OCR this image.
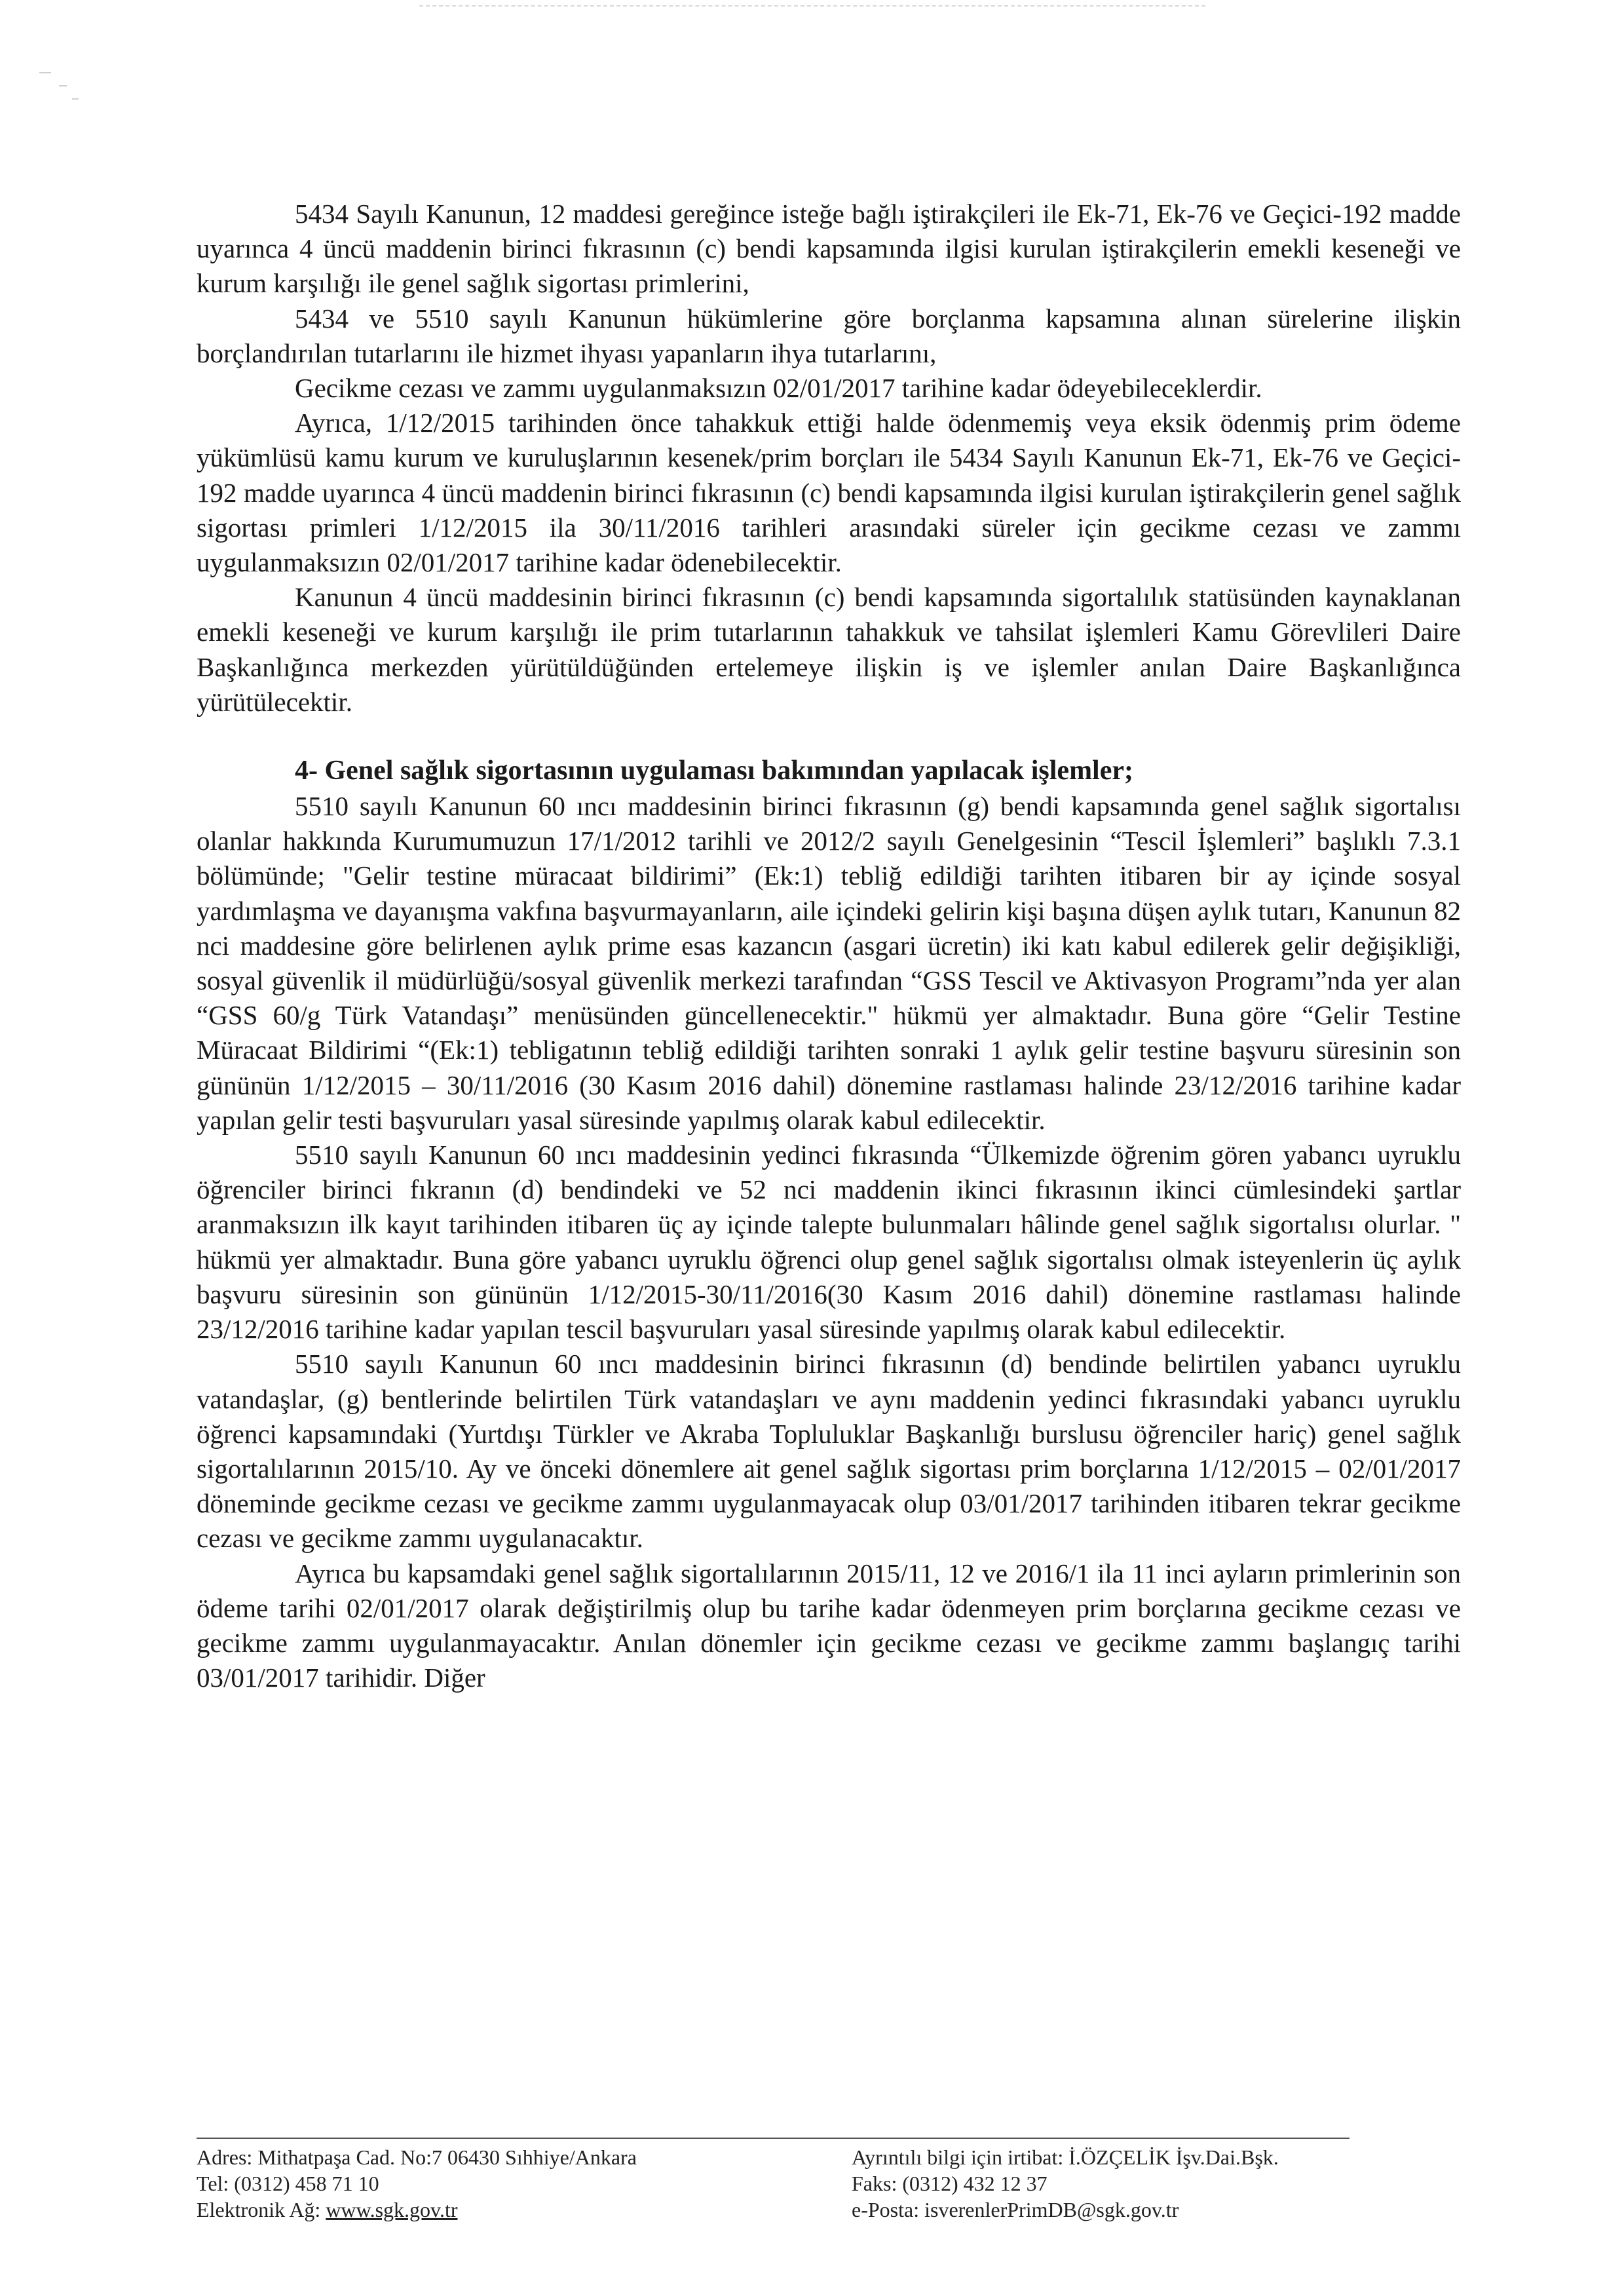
5434 Sayılı Kanunun, 12 maddesi gereğince isteğe bağlı iştirakçileri ile Ek-71, Ek-76 ve Geçici-192 madde uyarınca 4 üncü maddenin birinci fıkrasının (c) bendi kapsamında ilgisi kurulan iştirakçilerin emekli keseneği ve kurum karşılığı ile genel sağlık sigortası primlerini,

5434 ve 5510 sayılı Kanunun hükümlerine göre borçlanma kapsamına alınan sürelerine ilişkin borçlandırılan tutarlarını ile hizmet ihyası yapanların ihya tutarlarını,

Gecikme cezası ve zammı uygulanmaksızın 02/01/2017 tarihine kadar ödeyebileceklerdir.

Ayrıca, 1/12/2015 tarihinden önce tahakkuk ettiği halde ödenmemiş veya eksik ödenmiş prim ödeme yükümlüsü kamu kurum ve kuruluşlarının kesenek/prim borçları ile 5434 Sayılı Kanunun Ek-71, Ek-76 ve Geçici-192 madde uyarınca 4 üncü maddenin birinci fıkrasının (c) bendi kapsamında ilgisi kurulan iştirakçilerin genel sağlık sigortası primleri 1/12/2015 ila 30/11/2016 tarihleri arasındaki süreler için gecikme cezası ve zammı uygulanmaksızın 02/01/2017 tarihine kadar ödenebilecektir.

Kanunun 4 üncü maddesinin birinci fıkrasının (c) bendi kapsamında sigortalılık statüsünden kaynaklanan emekli keseneği ve kurum karşılığı ile prim tutarlarının tahakkuk ve tahsilat işlemleri Kamu Görevlileri Daire Başkanlığınca merkezden yürütüldüğünden ertelemeye ilişkin iş ve işlemler anılan Daire Başkanlığınca yürütülecektir.

4- Genel sağlık sigortasının uygulaması bakımından yapılacak işlemler;

5510 sayılı Kanunun 60 ıncı maddesinin birinci fıkrasının (g) bendi kapsamında genel sağlık sigortalısı olanlar hakkında Kurumumuzun 17/1/2012 tarihli ve 2012/2 sayılı Genelgesinin “Tescil İşlemleri” başlıklı 7.3.1 bölümünde; "Gelir testine müracaat bildirimi” (Ek:1) tebliğ edildiği tarihten itibaren bir ay içinde sosyal yardımlaşma ve dayanışma vakfına başvurmayanların, aile içindeki gelirin kişi başına düşen aylık tutarı, Kanunun 82 nci maddesine göre belirlenen aylık prime esas kazancın (asgari ücretin) iki katı kabul edilerek gelir değişikliği, sosyal güvenlik il müdürlüğü/sosyal güvenlik merkezi tarafından “GSS Tescil ve Aktivasyon Programı”nda yer alan “GSS 60/g Türk Vatandaşı” menüsünden güncellenecektir." hükmü yer almaktadır. Buna göre “Gelir Testine Müracaat Bildirimi “(Ek:1) tebligatının tebliğ edildiği tarihten sonraki 1 aylık gelir testine başvuru süresinin son gününün 1/12/2015 – 30/11/2016 (30 Kasım 2016 dahil) dönemine rastlaması halinde 23/12/2016 tarihine kadar yapılan gelir testi başvuruları yasal süresinde yapılmış olarak kabul edilecektir.

5510 sayılı Kanunun 60 ıncı maddesinin yedinci fıkrasında “Ülkemizde öğrenim gören yabancı uyruklu öğrenciler birinci fıkranın (d) bendindeki ve 52 nci maddenin ikinci fıkrasının ikinci cümlesindeki şartlar aranmaksızın ilk kayıt tarihinden itibaren üç ay içinde talepte bulunmaları hâlinde genel sağlık sigortalısı olurlar. " hükmü yer almaktadır. Buna göre yabancı uyruklu öğrenci olup genel sağlık sigortalısı olmak isteyenlerin üç aylık başvuru süresinin son gününün 1/12/2015-30/11/2016(30 Kasım 2016 dahil) dönemine rastlaması halinde 23/12/2016 tarihine kadar yapılan tescil başvuruları yasal süresinde yapılmış olarak kabul edilecektir.

5510 sayılı Kanunun 60 ıncı maddesinin birinci fıkrasının (d) bendinde belirtilen yabancı uyruklu vatandaşlar, (g) bentlerinde belirtilen Türk vatandaşları ve aynı maddenin yedinci fıkrasındaki yabancı uyruklu öğrenci kapsamındaki (Yurtdışı Türkler ve Akraba Topluluklar Başkanlığı burslusu öğrenciler hariç) genel sağlık sigortalılarının 2015/10. Ay ve önceki dönemlere ait genel sağlık sigortası prim borçlarına 1/12/2015 – 02/01/2017 döneminde gecikme cezası ve gecikme zammı uygulanmayacak olup 03/01/2017 tarihinden itibaren tekrar gecikme cezası ve gecikme zammı uygulanacaktır.

Ayrıca bu kapsamdaki genel sağlık sigortalılarının 2015/11, 12 ve 2016/1 ila 11 inci ayların primlerinin son ödeme tarihi 02/01/2017 olarak değiştirilmiş olup bu tarihe kadar ödenmeyen prim borçlarına gecikme cezası ve gecikme zammı uygulanmayacaktır. Anılan dönemler için gecikme cezası ve gecikme zammı başlangıç tarihi 03/01/2017 tarihidir. Diğer

Adres: Mithatpaşa Cad. No:7 06430 Sıhhiye/Ankara
Tel: (0312) 458 71 10
Elektronik Ağ: www.sgk.gov.tr
Ayrıntılı bilgi için irtibat: İ.ÖZÇELİK İşv.Dai.Bşk.
Faks: (0312) 432 12 37
e-Posta: isverenlerPrimDB@sgk.gov.tr
